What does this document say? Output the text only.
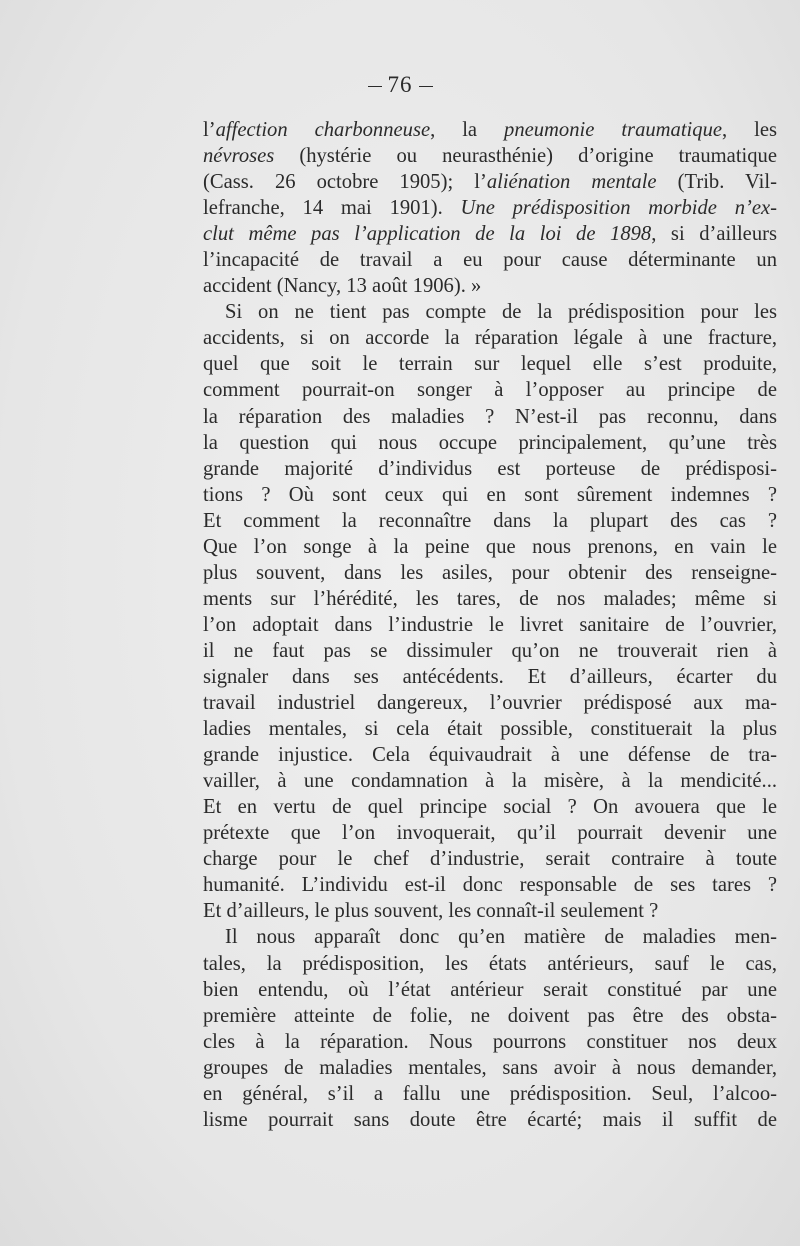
76
l’affection charbonneuse, la pneumonie traumatique, les
névroses (hystérie ou neurasthénie) d’origine traumatique
(Cass. 26 octobre 1905); l’aliénation mentale (Trib. Vil-
lefranche, 14 mai 1901). Une prédisposition morbide n’ex-
clut même pas l’application de la loi de 1898, si d’ailleurs
l’incapacité de travail a eu pour cause déterminante un
accident (Nancy, 13 août 1906). »
Si on ne tient pas compte de la prédisposition pour les
accidents, si on accorde la réparation légale à une fracture,
quel que soit le terrain sur lequel elle s’est produite,
comment pourrait-on songer à l’opposer au principe de
la réparation des maladies ? N’est-il pas reconnu, dans
la question qui nous occupe principalement, qu’une très
grande majorité d’individus est porteuse de prédisposi-
tions ? Où sont ceux qui en sont sûrement indemnes ?
Et comment la reconnaître dans la plupart des cas ?
Que l’on songe à la peine que nous prenons, en vain le
plus souvent, dans les asiles, pour obtenir des renseigne-
ments sur l’hérédité, les tares, de nos malades; même si
l’on adoptait dans l’industrie le livret sanitaire de l’ouvrier,
il ne faut pas se dissimuler qu’on ne trouverait rien à
signaler dans ses antécédents. Et d’ailleurs, écarter du
travail industriel dangereux, l’ouvrier prédisposé aux ma-
ladies mentales, si cela était possible, constituerait la plus
grande injustice. Cela équivaudrait à une défense de tra-
vailler, à une condamnation à la misère, à la mendicité...
Et en vertu de quel principe social ? On avouera que le
prétexte que l’on invoquerait, qu’il pourrait devenir une
charge pour le chef d’industrie, serait contraire à toute
humanité. L’individu est-il donc responsable de ses tares ?
Et d’ailleurs, le plus souvent, les connaît-il seulement ?
Il nous apparaît donc qu’en matière de maladies men-
tales, la prédisposition, les états antérieurs, sauf le cas,
bien entendu, où l’état antérieur serait constitué par une
première atteinte de folie, ne doivent pas être des obsta-
cles à la réparation. Nous pourrons constituer nos deux
groupes de maladies mentales, sans avoir à nous demander,
en général, s’il a fallu une prédisposition. Seul, l’alcoo-
lisme pourrait sans doute être écarté; mais il suffit de
